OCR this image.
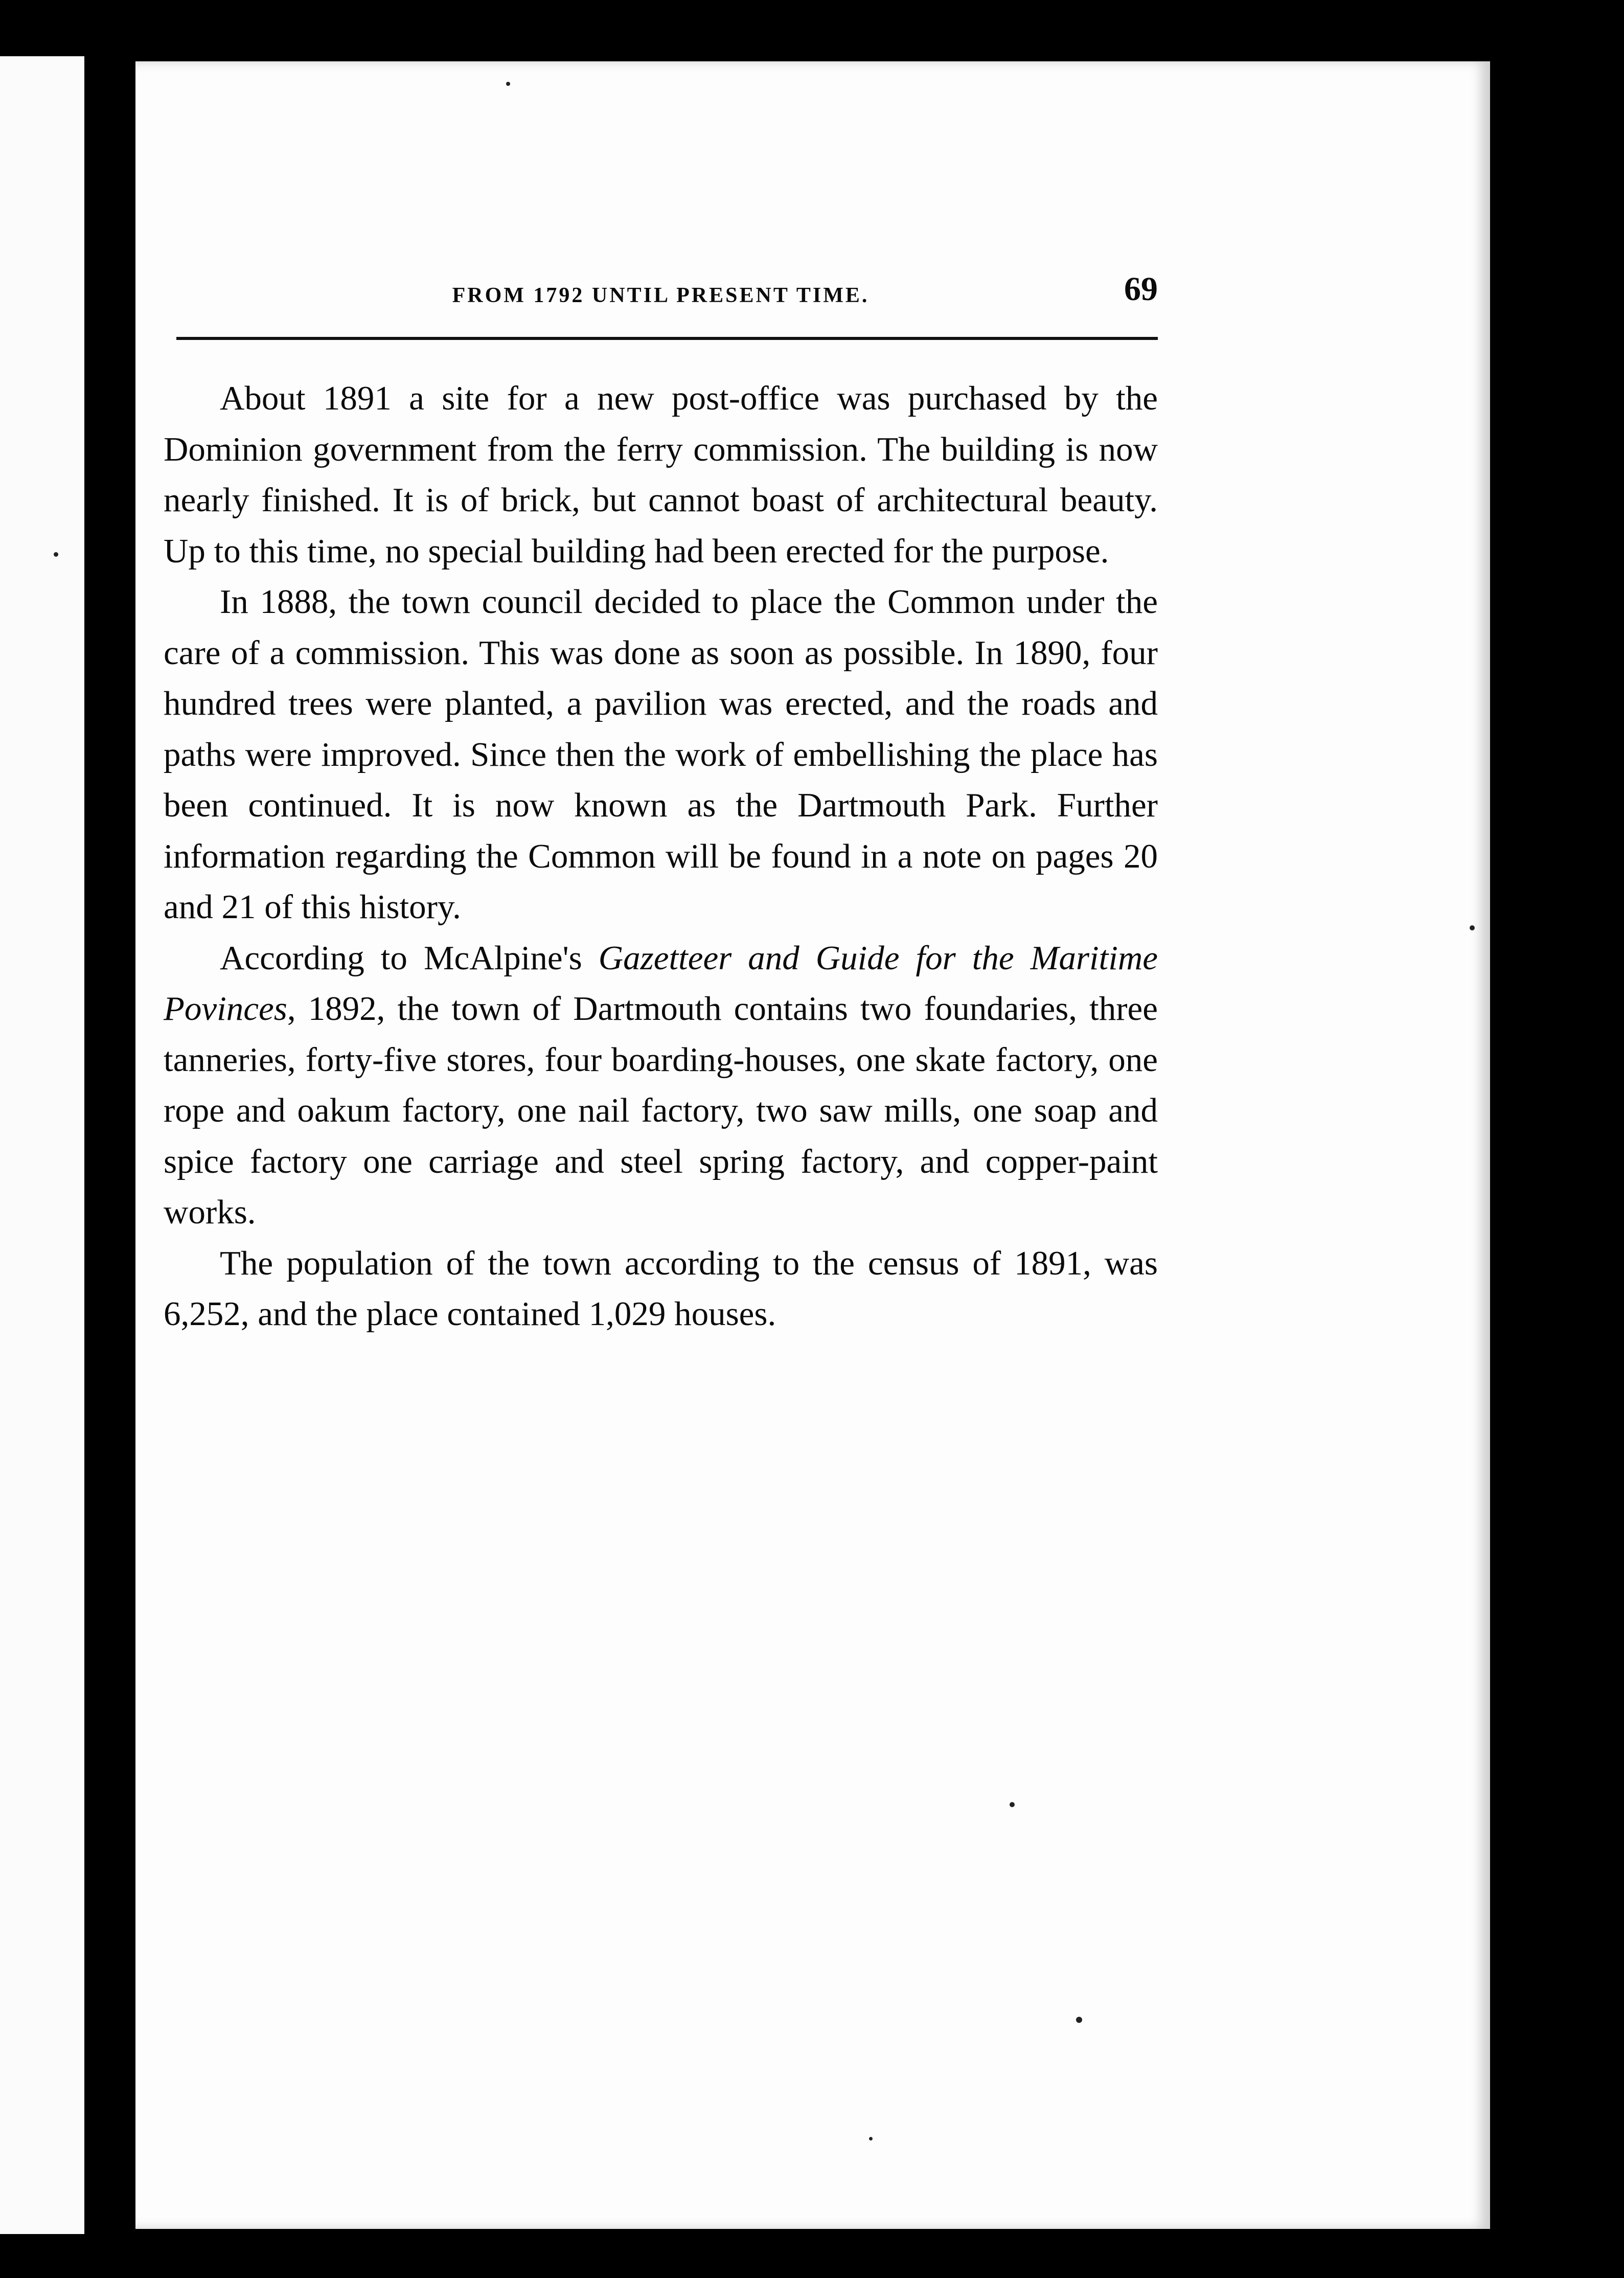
FROM 1792 UNTIL PRESENT TIME.	69

About 1891 a site for a new post-office was purchased by the Dominion government from the ferry commission. The building is now nearly finished. It is of brick, but cannot boast of architectural beauty. Up to this time, no special building had been erected for the purpose.

In 1888, the town council decided to place the Common under the care of a commission. This was done as soon as possible. In 1890, four hundred trees were planted, a pavilion was erected, and the roads and paths were improved. Since then the work of embellishing the place has been continued. It is now known as the Dartmouth Park. Further information regarding the Common will be found in a note on pages 20 and 21 of this history.

According to McAlpine's Gazetteer and Guide for the Maritime Povinces, 1892, the town of Dartmouth contains two foundaries, three tanneries, forty-five stores, four boarding-houses, one skate factory, one rope and oakum factory, one nail factory, two saw mills, one soap and spice factory one carriage and steel spring factory, and copper-paint works.

The population of the town according to the census of 1891, was 6,252, and the place contained 1,029 houses.
